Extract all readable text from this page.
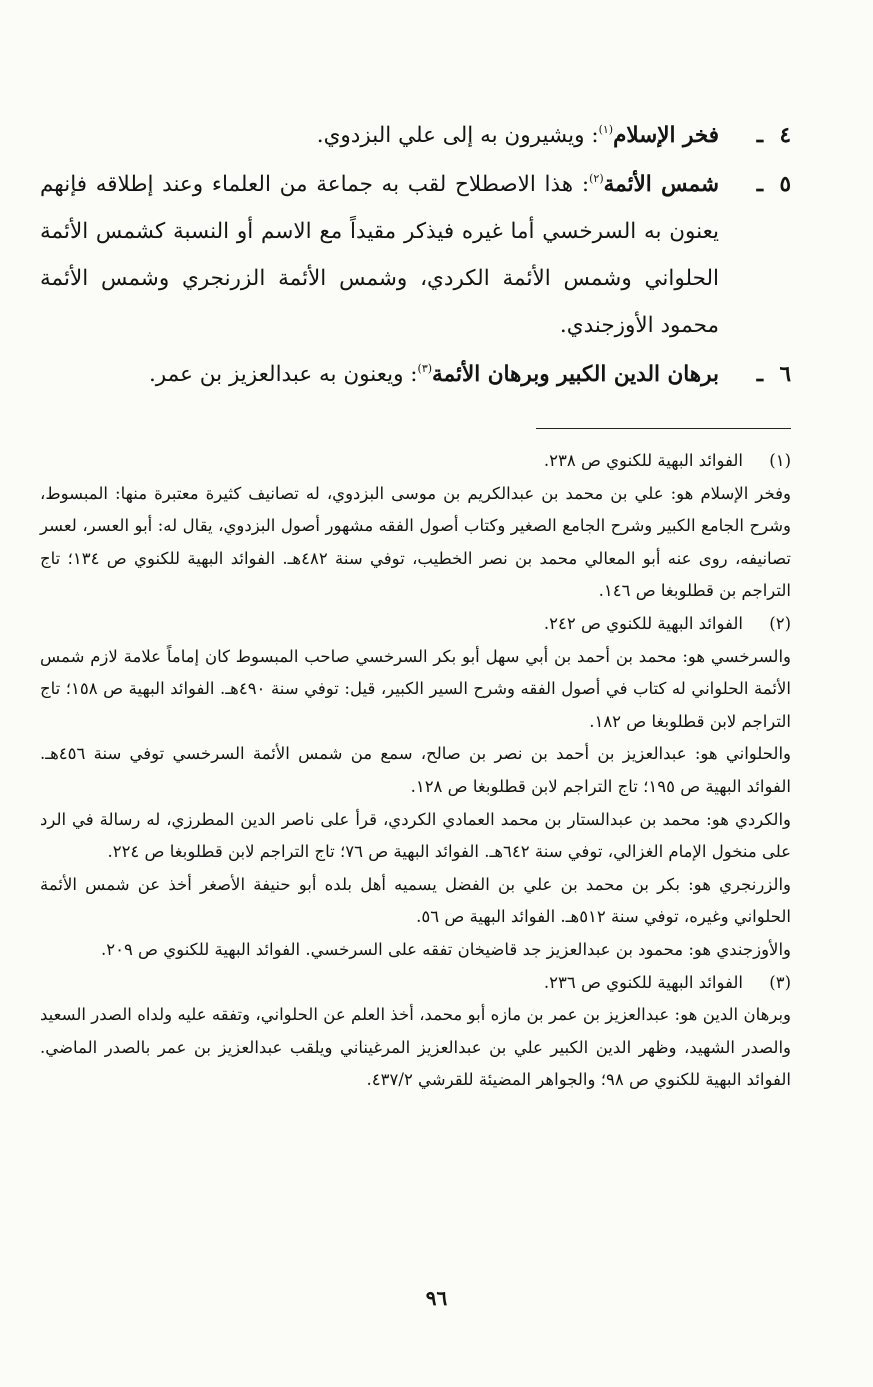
٤
ـ
فخر الإسلام$^{(١)}$: ويشيرون به إلى علي البزدوي.
٥
ـ
شمس الأئمة$^{(٢)}$: هذا الاصطلاح لقب به جماعة من العلماء وعند إطلاقه فإنهم يعنون به السرخسي أما غيره فيذكر مقيداً مع الاسم أو النسبة كشمس الأئمة الحلواني وشمس الأئمة الكردي، وشمس الأئمة الزرنجري وشمس الأئمة محمود الأوزجندي.
٦
ـ
برهان الدين الكبير وبرهان الأئمة$^{(٣)}$: ويعنون به عبدالعزيز بن عمر.
(١)
الفوائد البهية للكنوي ص ٢٣٨.
وفخر الإسلام هو: علي بن محمد بن عبدالكريم بن موسى البزدوي، له تصانيف كثيرة معتبرة منها: المبسوط، وشرح الجامع الكبير وشرح الجامع الصغير وكتاب أصول الفقه مشهور أصول البزدوي، يقال له: أبو العسر، لعسر تصانيفه، روى عنه أبو المعالي محمد بن نصر الخطيب، توفي سنة ٤٨٢هـ. الفوائد البهية للكنوي ص ١٣٤؛ تاج التراجم بن قطلوبغا ص ١٤٦.
(٢)
الفوائد البهية للكنوي ص ٢٤٢.
والسرخسي هو: محمد بن أحمد بن أبي سهل أبو بكر السرخسي صاحب المبسوط كان إماماً علامة لازم شمس الأئمة الحلواني له كتاب في أصول الفقه وشرح السير الكبير، قيل: توفي سنة ٤٩٠هـ. الفوائد البهية ص ١٥٨؛ تاج التراجم لابن قطلوبغا ص ١٨٢.
والحلواني هو: عبدالعزيز بن أحمد بن نصر بن صالح، سمع من شمس الأئمة السرخسي توفي سنة ٤٥٦هـ. الفوائد البهية ص ١٩٥؛ تاج التراجم لابن قطلوبغا ص ١٢٨.
والكردي هو: محمد بن عبدالستار بن محمد العمادي الكردي، قرأ على ناصر الدين المطرزي، له رسالة في الرد على منخول الإمام الغزالي، توفي سنة ٦٤٢هـ. الفوائد البهية ص ٧٦؛ تاج التراجم لابن قطلوبغا ص ٢٢٤.
والزرنجري هو: بكر بن محمد بن علي بن الفضل يسميه أهل بلده أبو حنيفة الأصغر أخذ عن شمس الأئمة الحلواني وغيره، توفي سنة ٥١٢هـ. الفوائد البهية ص ٥٦.
والأوزجندي هو: محمود بن عبدالعزيز جد قاضيخان تفقه على السرخسي. الفوائد البهية للكنوي ص ٢٠٩.
(٣)
الفوائد البهية للكنوي ص ٢٣٦.
وبرهان الدين هو: عبدالعزيز بن عمر بن مازه أبو محمد، أخذ العلم عن الحلواني، وتفقه عليه ولداه الصدر السعيد والصدر الشهيد، وظهر الدين الكبير علي بن عبدالعزيز المرغيناني ويلقب عبدالعزيز بن عمر بالصدر الماضي. الفوائد البهية للكنوي ص ٩٨؛ والجواهر المضيئة للقرشي ٤٣٧/٢.
٩٦
